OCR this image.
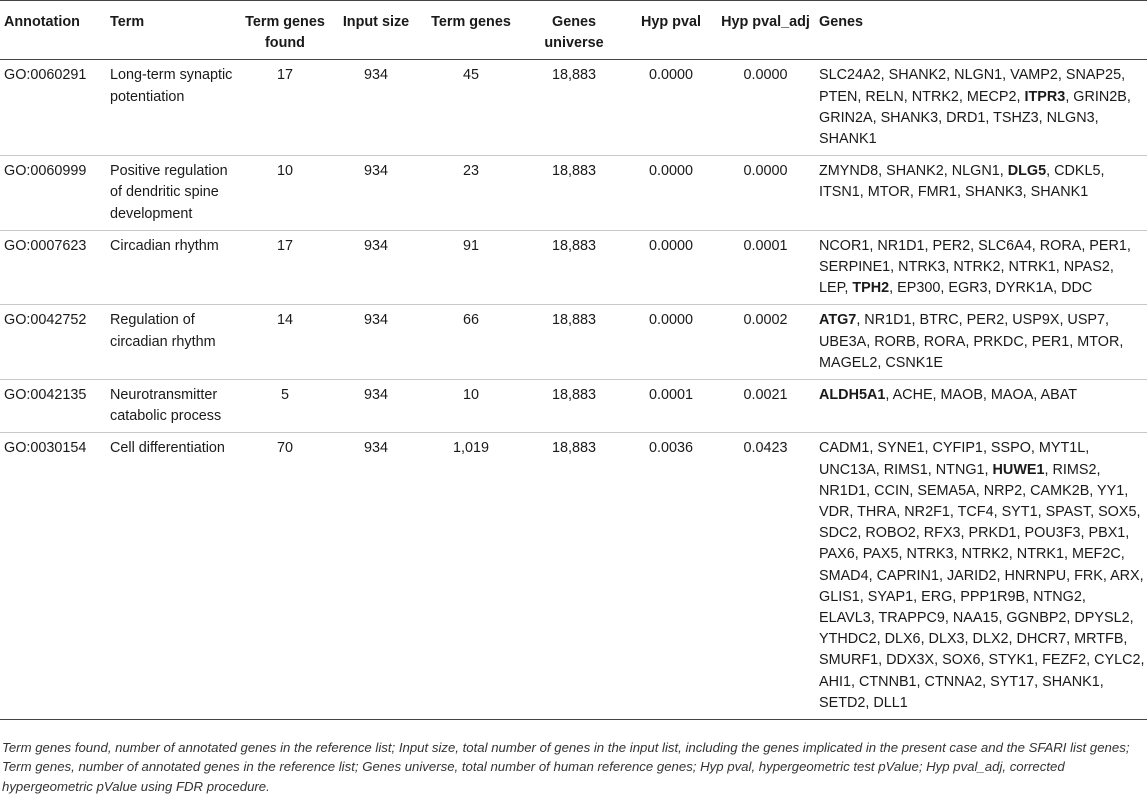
Annotation	Term	Term genes found	Input size	Term genes	Genes universe	Hyp pval	Hyp pval_adj	Genes
GO:0060291	Long-term synaptic potentiation	17	934	45	18,883	0.0000	0.0000	SLC24A2, SHANK2, NLGN1, VAMP2, SNAP25, PTEN, RELN, NTRK2, MECP2, ITPR3, GRIN2B, GRIN2A, SHANK3, DRD1, TSHZ3, NLGN3, SHANK1
GO:0060999	Positive regulation of dendritic spine development	10	934	23	18,883	0.0000	0.0000	ZMYND8, SHANK2, NLGN1, DLG5, CDKL5, ITSN1, MTOR, FMR1, SHANK3, SHANK1
GO:0007623	Circadian rhythm	17	934	91	18,883	0.0000	0.0001	NCOR1, NR1D1, PER2, SLC6A4, RORA, PER1, SERPINE1, NTRK3, NTRK2, NTRK1, NPAS2, LEP, TPH2, EP300, EGR3, DYRK1A, DDC
GO:0042752	Regulation of circadian rhythm	14	934	66	18,883	0.0000	0.0002	ATG7, NR1D1, BTRC, PER2, USP9X, USP7, UBE3A, RORB, RORA, PRKDC, PER1, MTOR, MAGEL2, CSNK1E
GO:0042135	Neurotransmitter catabolic process	5	934	10	18,883	0.0001	0.0021	ALDH5A1, ACHE, MAOB, MAOA, ABAT
GO:0030154	Cell differentiation	70	934	1,019	18,883	0.0036	0.0423	CADM1, SYNE1, CYFIP1, SSPO, MYT1L, UNC13A, RIMS1, NTNG1, HUWE1, RIMS2, NR1D1, CCIN, SEMA5A, NRP2, CAMK2B, YY1, VDR, THRA, NR2F1, TCF4, SYT1, SPAST, SOX5, SDC2, ROBO2, RFX3, PRKD1, POU3F3, PBX1, PAX6, PAX5, NTRK3, NTRK2, NTRK1, MEF2C, SMAD4, CAPRIN1, JARID2, HNRNPU, FRK, ARX, GLIS1, SYAP1, ERG, PPP1R9B, NTNG2, ELAVL3, TRAPPC9, NAA15, GGNBP2, DPYSL2, YTHDC2, DLX6, DLX3, DLX2, DHCR7, MRTFB, SMURF1, DDX3X, SOX6, STYK1, FEZF2, CYLC2, AHI1, CTNNB1, CTNNA2, SYT17, SHANK1, SETD2, DLL1
Term genes found, number of annotated genes in the reference list; Input size, total number of genes in the input list, including the genes implicated in the present case and the SFARI list genes; Term genes, number of annotated genes in the reference list; Genes universe, total number of human reference genes; Hyp pval, hypergeometric test pValue; Hyp pval_adj, corrected hypergeometric pValue using FDR procedure.
